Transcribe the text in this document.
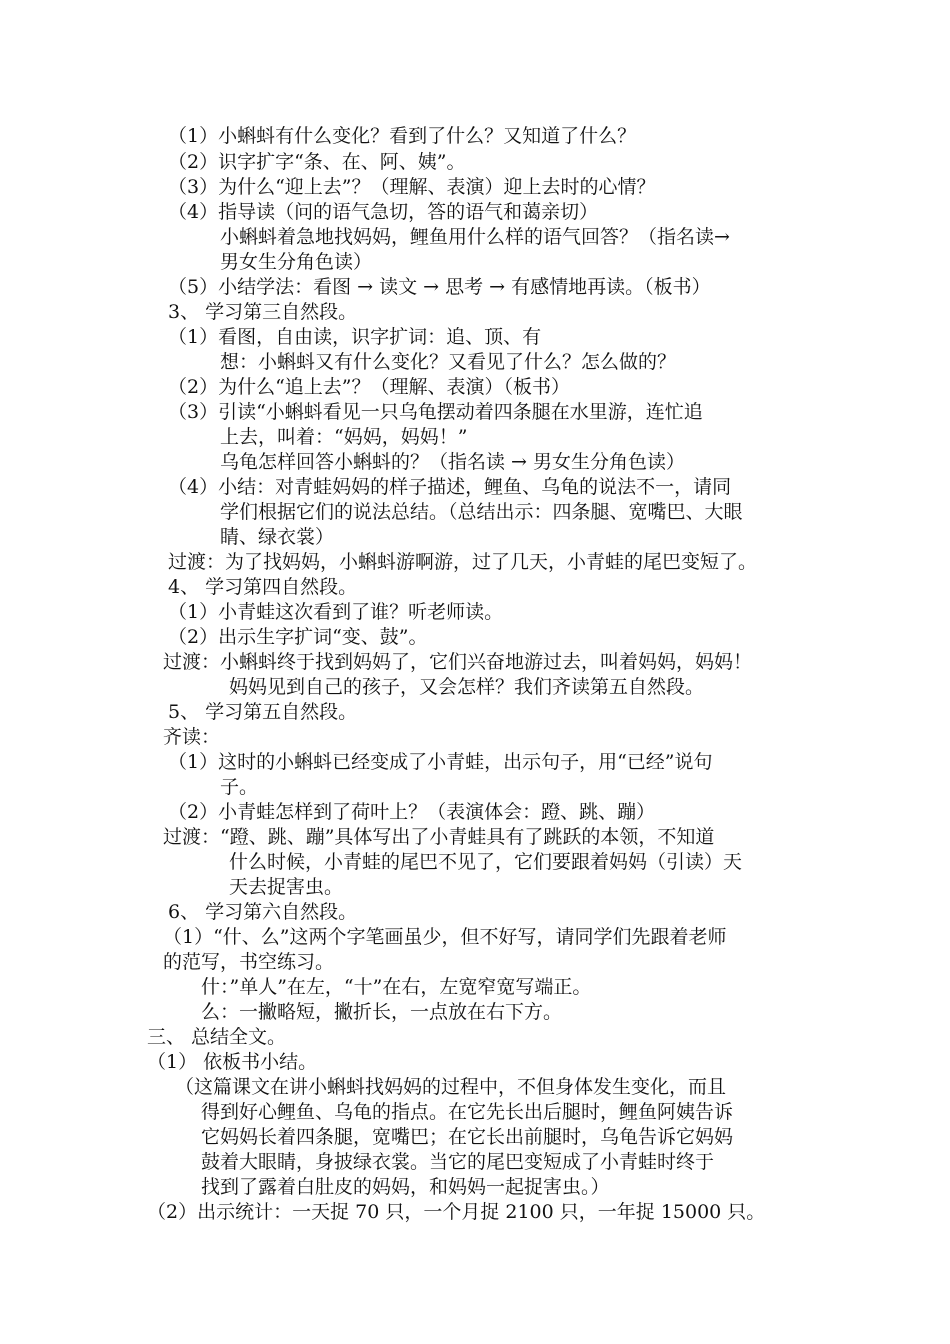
（1）小蝌蚪有什么变化？看到了什么？又知道了什么？
（2）识字扩字“条、在、阿、姨”。
（3）为什么“迎上去”？（理解、表演）迎上去时的心情？
（4）指导读（问的语气急切，答的语气和蔼亲切）
小蝌蚪着急地找妈妈，鲤鱼用什么样的语气回答？（指名读→
男女生分角色读）
（5）小结学法：看图 → 读文 → 思考 → 有感情地再读。（板书）
3、 学习第三自然段。
（1）看图，自由读，识字扩词：追、顶、有
想：小蝌蚪又有什么变化？又看见了什么？怎么做的？
（2）为什么“追上去”？（理解、表演）（板书）
（3）引读“小蝌蚪看见一只乌龟摆动着四条腿在水里游，连忙追
上去，叫着：“妈妈，妈妈！”
乌龟怎样回答小蝌蚪的？（指名读 → 男女生分角色读）
（4）小结：对青蛙妈妈的样子描述，鲤鱼、乌龟的说法不一，请同
学们根据它们的说法总结。（总结出示：四条腿、宽嘴巴、大眼
睛、绿衣裳）
过渡：为了找妈妈，小蝌蚪游啊游，过了几天，小青蛙的尾巴变短了。
4、 学习第四自然段。
（1）小青蛙这次看到了谁？听老师读。
（2）出示生字扩词“变、鼓”。
过渡：小蝌蚪终于找到妈妈了，它们兴奋地游过去，叫着妈妈，妈妈！
妈妈见到自己的孩子，又会怎样？我们齐读第五自然段。
5、 学习第五自然段。
齐读：
（1）这时的小蝌蚪已经变成了小青蛙，出示句子，用“已经”说句
子。
（2）小青蛙怎样到了荷叶上？（表演体会：蹬、跳、蹦）
过渡：“蹬、跳、蹦”具体写出了小青蛙具有了跳跃的本领，不知道
什么时候，小青蛙的尾巴不见了，它们要跟着妈妈（引读）天
天去捉害虫。
6、 学习第六自然段。
（1）“什、么”这两个字笔画虽少，但不好写，请同学们先跟着老师
的范写，书空练习。
什：”单人”在左，“十”在右，左宽窄宽写端正。
么：一撇略短，撇折长，一点放在右下方。
三、 总结全文。
（1） 依板书小结。
（这篇课文在讲小蝌蚪找妈妈的过程中，不但身体发生变化，而且
得到好心鲤鱼、乌龟的指点。在它先长出后腿时，鲤鱼阿姨告诉
它妈妈长着四条腿，宽嘴巴；在它长出前腿时，乌龟告诉它妈妈
鼓着大眼睛，身披绿衣裳。当它的尾巴变短成了小青蛙时终于
找到了露着白肚皮的妈妈，和妈妈一起捉害虫。）
（2）出示统计：一天捉 70 只，一个月捉 2100 只，一年捉 15000 只。
